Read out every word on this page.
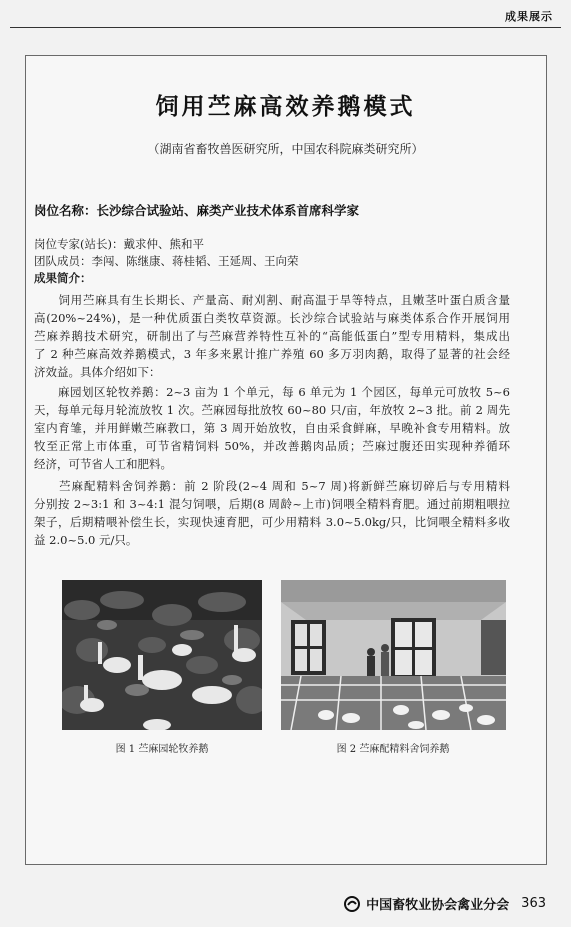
成果展示
饲用苎麻高效养鹅模式
（湖南省畜牧兽医研究所，中国农科院麻类研究所）
岗位名称：长沙综合试验站、麻类产业技术体系首席科学家
岗位专家(站长)：戴求仲、熊和平
团队成员：李闯、陈继康、蒋桂韬、王延周、王向荣
成果简介：
　　饲用苎麻具有生长期长、产量高、耐刈割、耐高温于旱等特点，且嫩茎叶蛋白质含量
高(20%~24%)，是一种优质蛋白类牧草资源。长沙综合试验站与麻类体系合作开展饲用
苎麻养鹅技术研究，研制出了与苎麻营养特性互补的“高能低蛋白”型专用精料，集成出
了 2 种苎麻高效养鹅模式，3 年多来累计推广养殖 60 多万羽肉鹅，取得了显著的社会经
济效益。具体介绍如下：
　　麻园划区轮牧养鹅：2~3 亩为 1 个单元，每 6 单元为 1 个园区，每单元可放牧 5~6
天，每单元每月轮流放牧 1 次。苎麻园每批放牧 60~80 只/亩，年放牧 2~3 批。前 2 周先
室内育雏，并用鲜嫩苎麻教口，第 3 周开始放牧，自由采食鲜麻，早晚补食专用精料。放
牧至正常上市体重，可节省精饲料 50%，并改善鹅肉品质；苎麻过腹还田实现种养循环
经济，可节省人工和肥料。
　　苎麻配精料舍饲养鹅：前 2 阶段(2~4 周和 5~7 周)将新鲜苎麻切碎后与专用精料
分别按 2~3:1 和 3~4:1 混匀饲喂，后期(8 周龄~上市)饲喂全精料育肥。通过前期粗喂拉
架子，后期精喂补偿生长，实现快速育肥，可少用精料 3.0~5.0kg/只，比饲喂全精料多收
益 2.0~5.0 元/只。
图 1 苎麻园轮牧养鹅	图 2 苎麻配精料舍饲养鹅
中国畜牧业协会禽业分会 363
